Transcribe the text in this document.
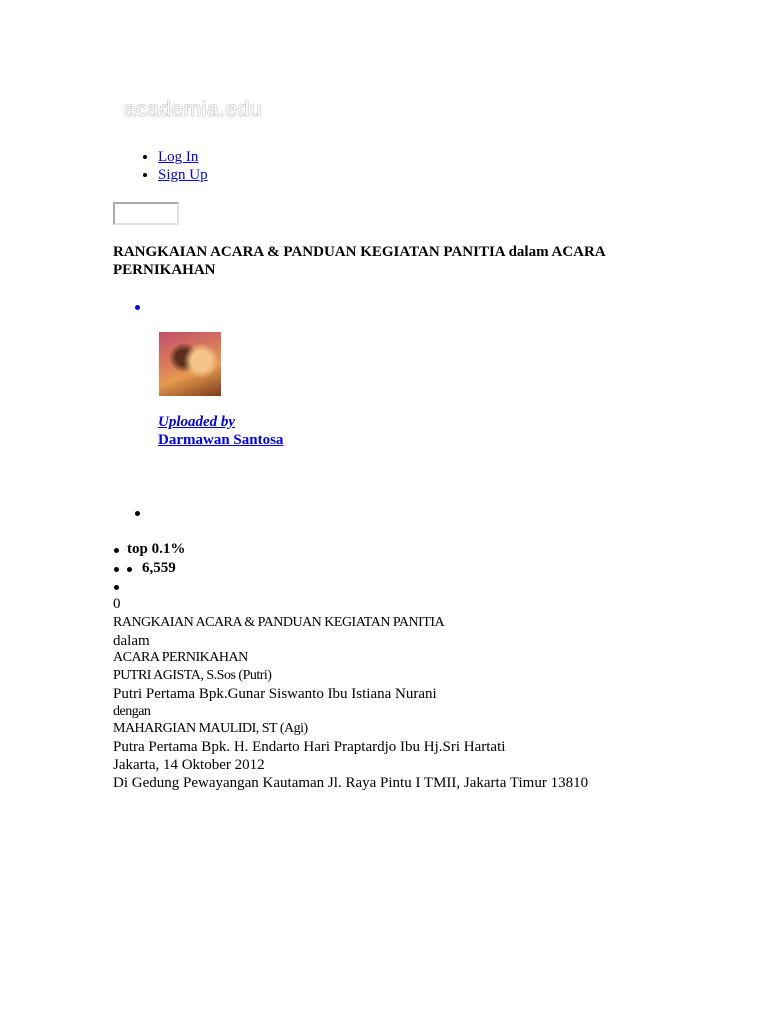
academia.edu
• Log In
• Sign Up
RANGKAIAN ACARA & PANDUAN KEGIATAN PANITIA dalam ACARA PERNIKAHAN
Uploaded by
Darmawan Santosa
top 0.1%
6,559
0
RANGKAIAN ACARA & PANDUAN KEGIATAN PANITIA
dalam
ACARA PERNIKAHAN
PUTRI AGISTA, S.Sos (Putri)
Putri Pertama Bpk.Gunar Siswanto Ibu Istiana Nurani
dengan
MAHARGIAN MAULIDI, ST (Agi)
Putra Pertama Bpk. H. Endarto Hari Praptardjo Ibu Hj.Sri Hartati
Jakarta, 14 Oktober 2012
Di Gedung Pewayangan Kautaman Jl. Raya Pintu I TMII, Jakarta Timur 13810
